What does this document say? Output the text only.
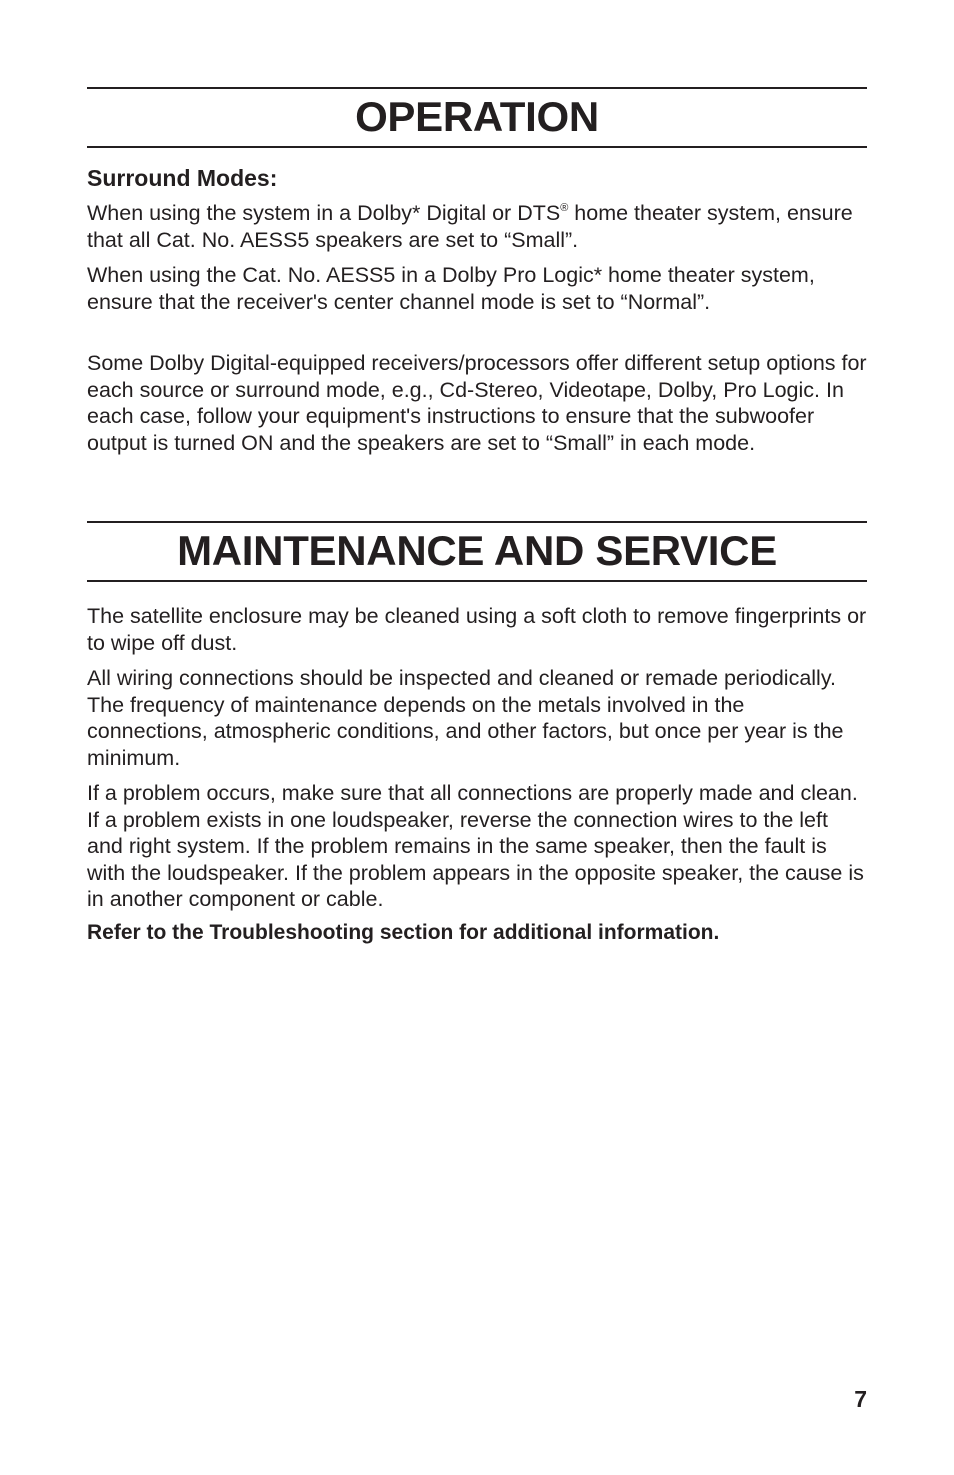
OPERATION
Surround Modes:

When using the system in a Dolby* Digital or DTS® home theater system, ensure that all Cat. No. AESS5 speakers are set to “Small”.

When using the Cat. No. AESS5 in a Dolby Pro Logic* home theater system, ensure that the receiver's center channel mode is set to “Normal”.

Some Dolby Digital-equipped receivers/processors offer different setup options for each source or surround mode, e.g., Cd-Stereo, Videotape, Dolby, Pro Logic. In each case, follow your equipment's instructions to ensure that the subwoofer output is turned ON and the speakers are set to “Small” in each mode.

MAINTENANCE AND SERVICE

The satellite enclosure may be cleaned using a soft cloth to remove fingerprints or to wipe off dust.

All wiring connections should be inspected and cleaned or remade periodically. The frequency of maintenance depends on the metals involved in the connections, atmospheric conditions, and other factors, but once per year is the minimum.

If a problem occurs, make sure that all connections are properly made and clean. If a problem exists in one loudspeaker, reverse the connection wires to the left and right system. If the problem remains in the same speaker, then the fault is with the loudspeaker. If the problem appears in the opposite speaker, the cause is in another component or cable.

Refer to the Troubleshooting section for additional information.

7
